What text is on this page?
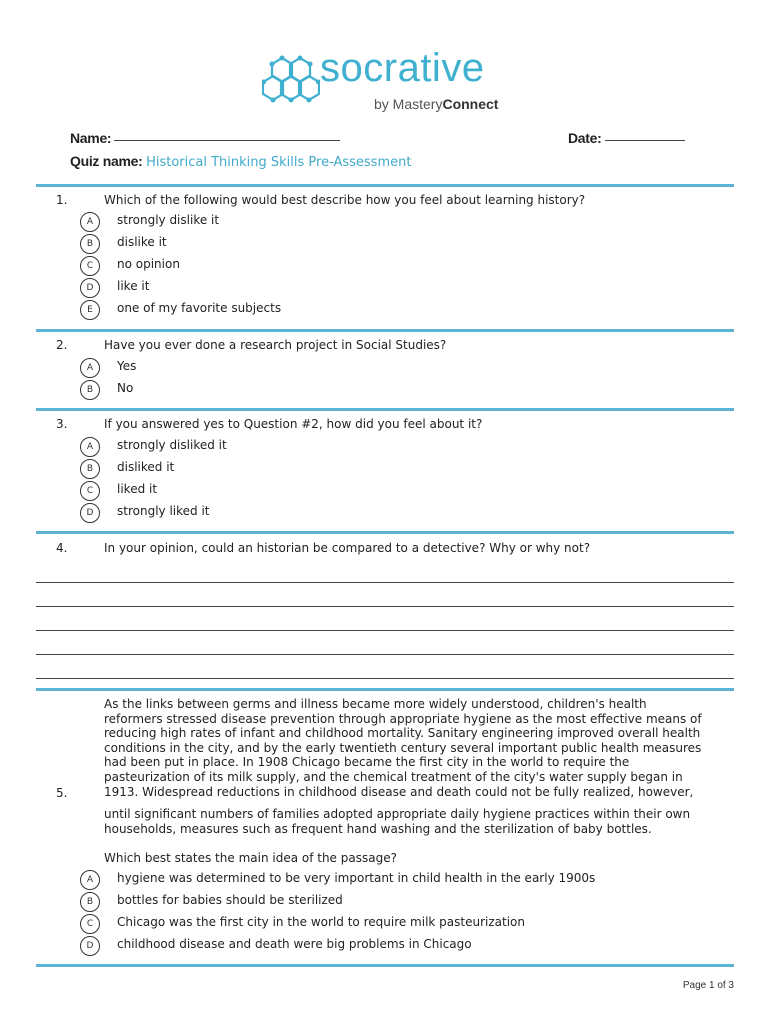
socrative
by MasteryConnect
Name:	Date:
Quiz name: Historical Thinking Skills Pre-Assessment
1.	Which of the following would best describe how you feel about learning history?
A	strongly dislike it
B	dislike it
C	no opinion
D	like it
E	one of my favorite subjects
2.	Have you ever done a research project in Social Studies?
A	Yes
B	No
3.	If you answered yes to Question #2, how did you feel about it?
A	strongly disliked it
B	disliked it
C	liked it
D	strongly liked it
4.	In your opinion, could an historian be compared to a detective? Why or why not?
5.
As the links between germs and illness became more widely understood, children's health reformers stressed disease prevention through appropriate hygiene as the most effective means of reducing high rates of infant and childhood mortality. Sanitary engineering improved overall health conditions in the city, and by the early twentieth century several important public health measures had been put in place. In 1908 Chicago became the first city in the world to require the pasteurization of its milk supply, and the chemical treatment of the city's water supply began in 1913. Widespread reductions in childhood disease and death could not be fully realized, however,
until significant numbers of families adopted appropriate daily hygiene practices within their own households, measures such as frequent hand washing and the sterilization of baby bottles.
Which best states the main idea of the passage?
A	hygiene was determined to be very important in child health in the early 1900s
B	bottles for babies should be sterilized
C	Chicago was the first city in the world to require milk pasteurization
D	childhood disease and death were big problems in Chicago
Page 1 of 3
